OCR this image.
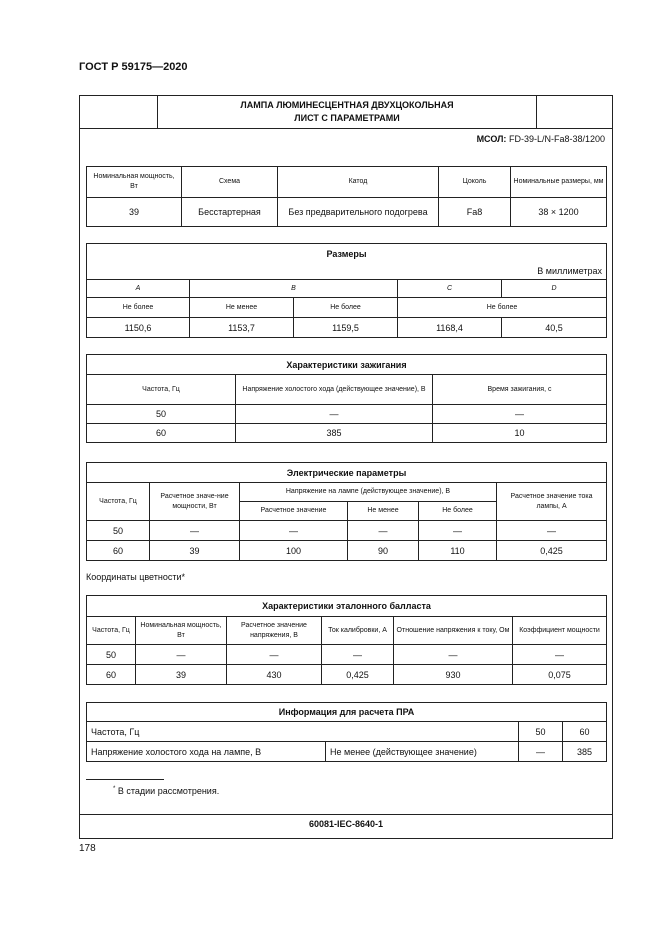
ГОСТ Р 59175—2020
ЛАМПА ЛЮМИНЕСЦЕНТНАЯ ДВУХЦОКОЛЬНАЯ
ЛИСТ С ПАРАМЕТРАМИ
МСОЛ: FD-39-L/N-Fa8-38/1200
Номинальная мощность, Вт	Схема	Катод	Цоколь	Номинальные размеры, мм
39	Бесстартерная	Без предварительного подогрева	Fa8	38 × 1200
Размеры				
В миллиметрах				
A	B		C	D
Не более	Не менее	Не более	Не более	
1150,6	1153,7	1159,5	1168,4	40,5
Характеристики зажигания		
Частота, Гц	Напряжение холостого хода (действующее значение), В	Время зажигания, с
50	—	—
60	385	10
Электрические параметры					
Частота, Гц	Расчетное значе-ние мощности, Вт	Напряжение на лампе (действующее значение), В			Расчетное значение тока лампы, А
		Расчетное значение	Не менее	Не более	
50	—	—	—	—	—
60	39	100	90	110	0,425
Координаты цветности*
Характеристики эталонного балласта					
Частота, Гц	Номинальная мощность, Вт	Расчетное значение напряжения, В	Ток калибровки, А	Отношение напряжения к току, Ом	Коэффициент мощности
50	—	—	—	—	—
60	39	430	0,425	930	0,075
Информация для расчета ПРА			
Частота, Гц		50	60
Напряжение холостого хода на лампе, В	Не менее (действующее значение)	—	385
* В стадии рассмотрения.
60081-IEC-8640-1
178
